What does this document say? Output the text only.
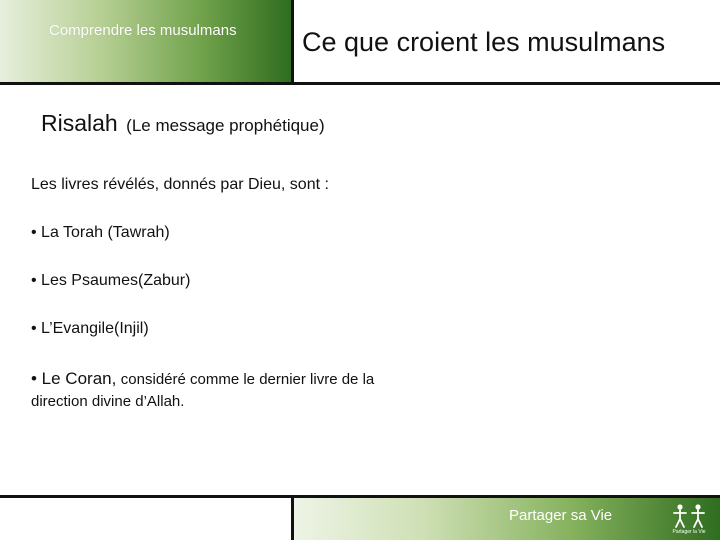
Comprendre les musulmans Ce que croient les musulmans
Risalah (Le message prophétique)
Les livres révélés, donnés par Dieu, sont :
• La Torah (Tawrah)
• Les Psaumes(Zabur)
• L’Evangile(Injil)
• Le Coran, considéré comme le dernier livre de la direction divine d’Allah.
Partager sa Vie
Partager la Vie
